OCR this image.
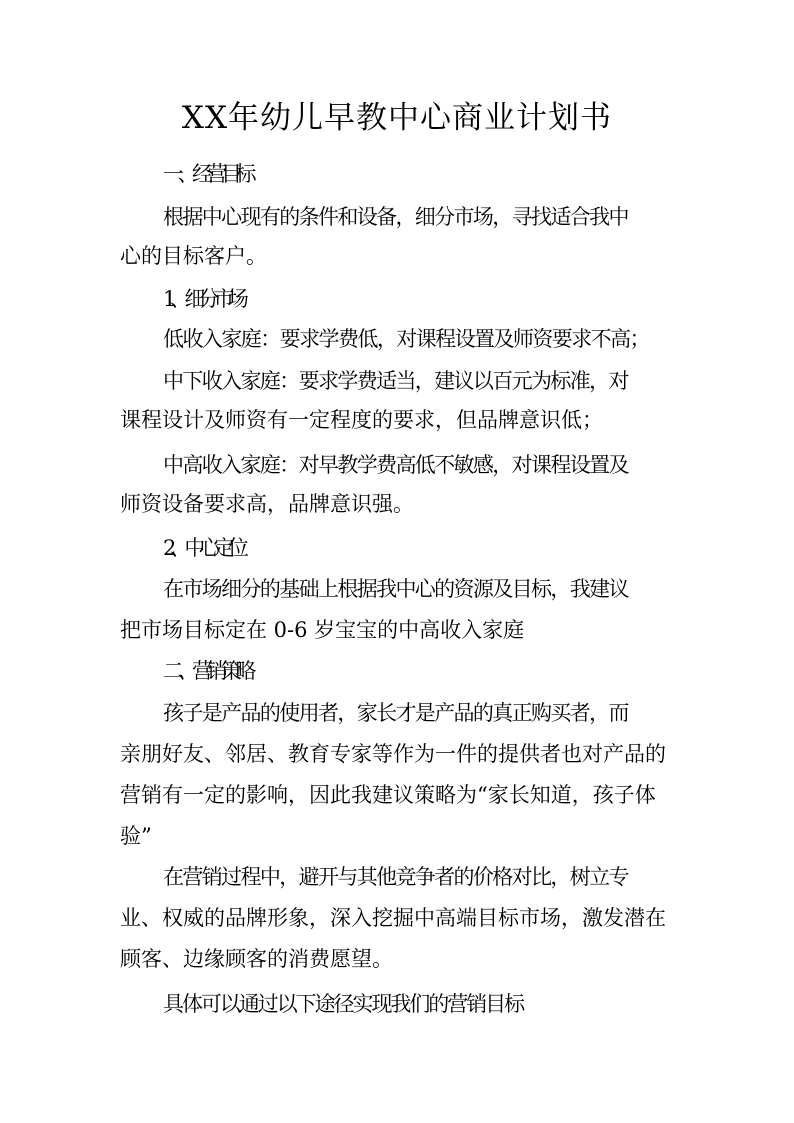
XX年幼儿早教中心商业计划书

一、经营目标

根据中心现有的条件和设备，细分市场，寻找适合我中

心的目标客户。

1、细分市场

低收入家庭：要求学费低，对课程设置及师资要求不高；

中下收入家庭：要求学费适当，建议以百元为标准，对

课程设计及师资有一定程度的要求，但品牌意识低；

中高收入家庭：对早教学费高低不敏感，对课程设置及

师资设备要求高，品牌意识强。

2、中心定位

在市场细分的基础上根据我中心的资源及目标，我建议

把市场目标定在 0-6 岁宝宝的中高收入家庭

二、营销策略

孩子是产品的使用者，家长才是产品的真正购买者，而

亲朋好友、邻居、教育专家等作为一件的提供者也对产品的

营销有一定的影响，因此我建议策略为“家长知道，孩子体

验”

在营销过程中，避开与其他竞争者的价格对比，树立专

业、权威的品牌形象，深入挖掘中高端目标市场，激发潜在

顾客、边缘顾客的消费愿望。

具体可以通过以下途径实现我们的营销目标
